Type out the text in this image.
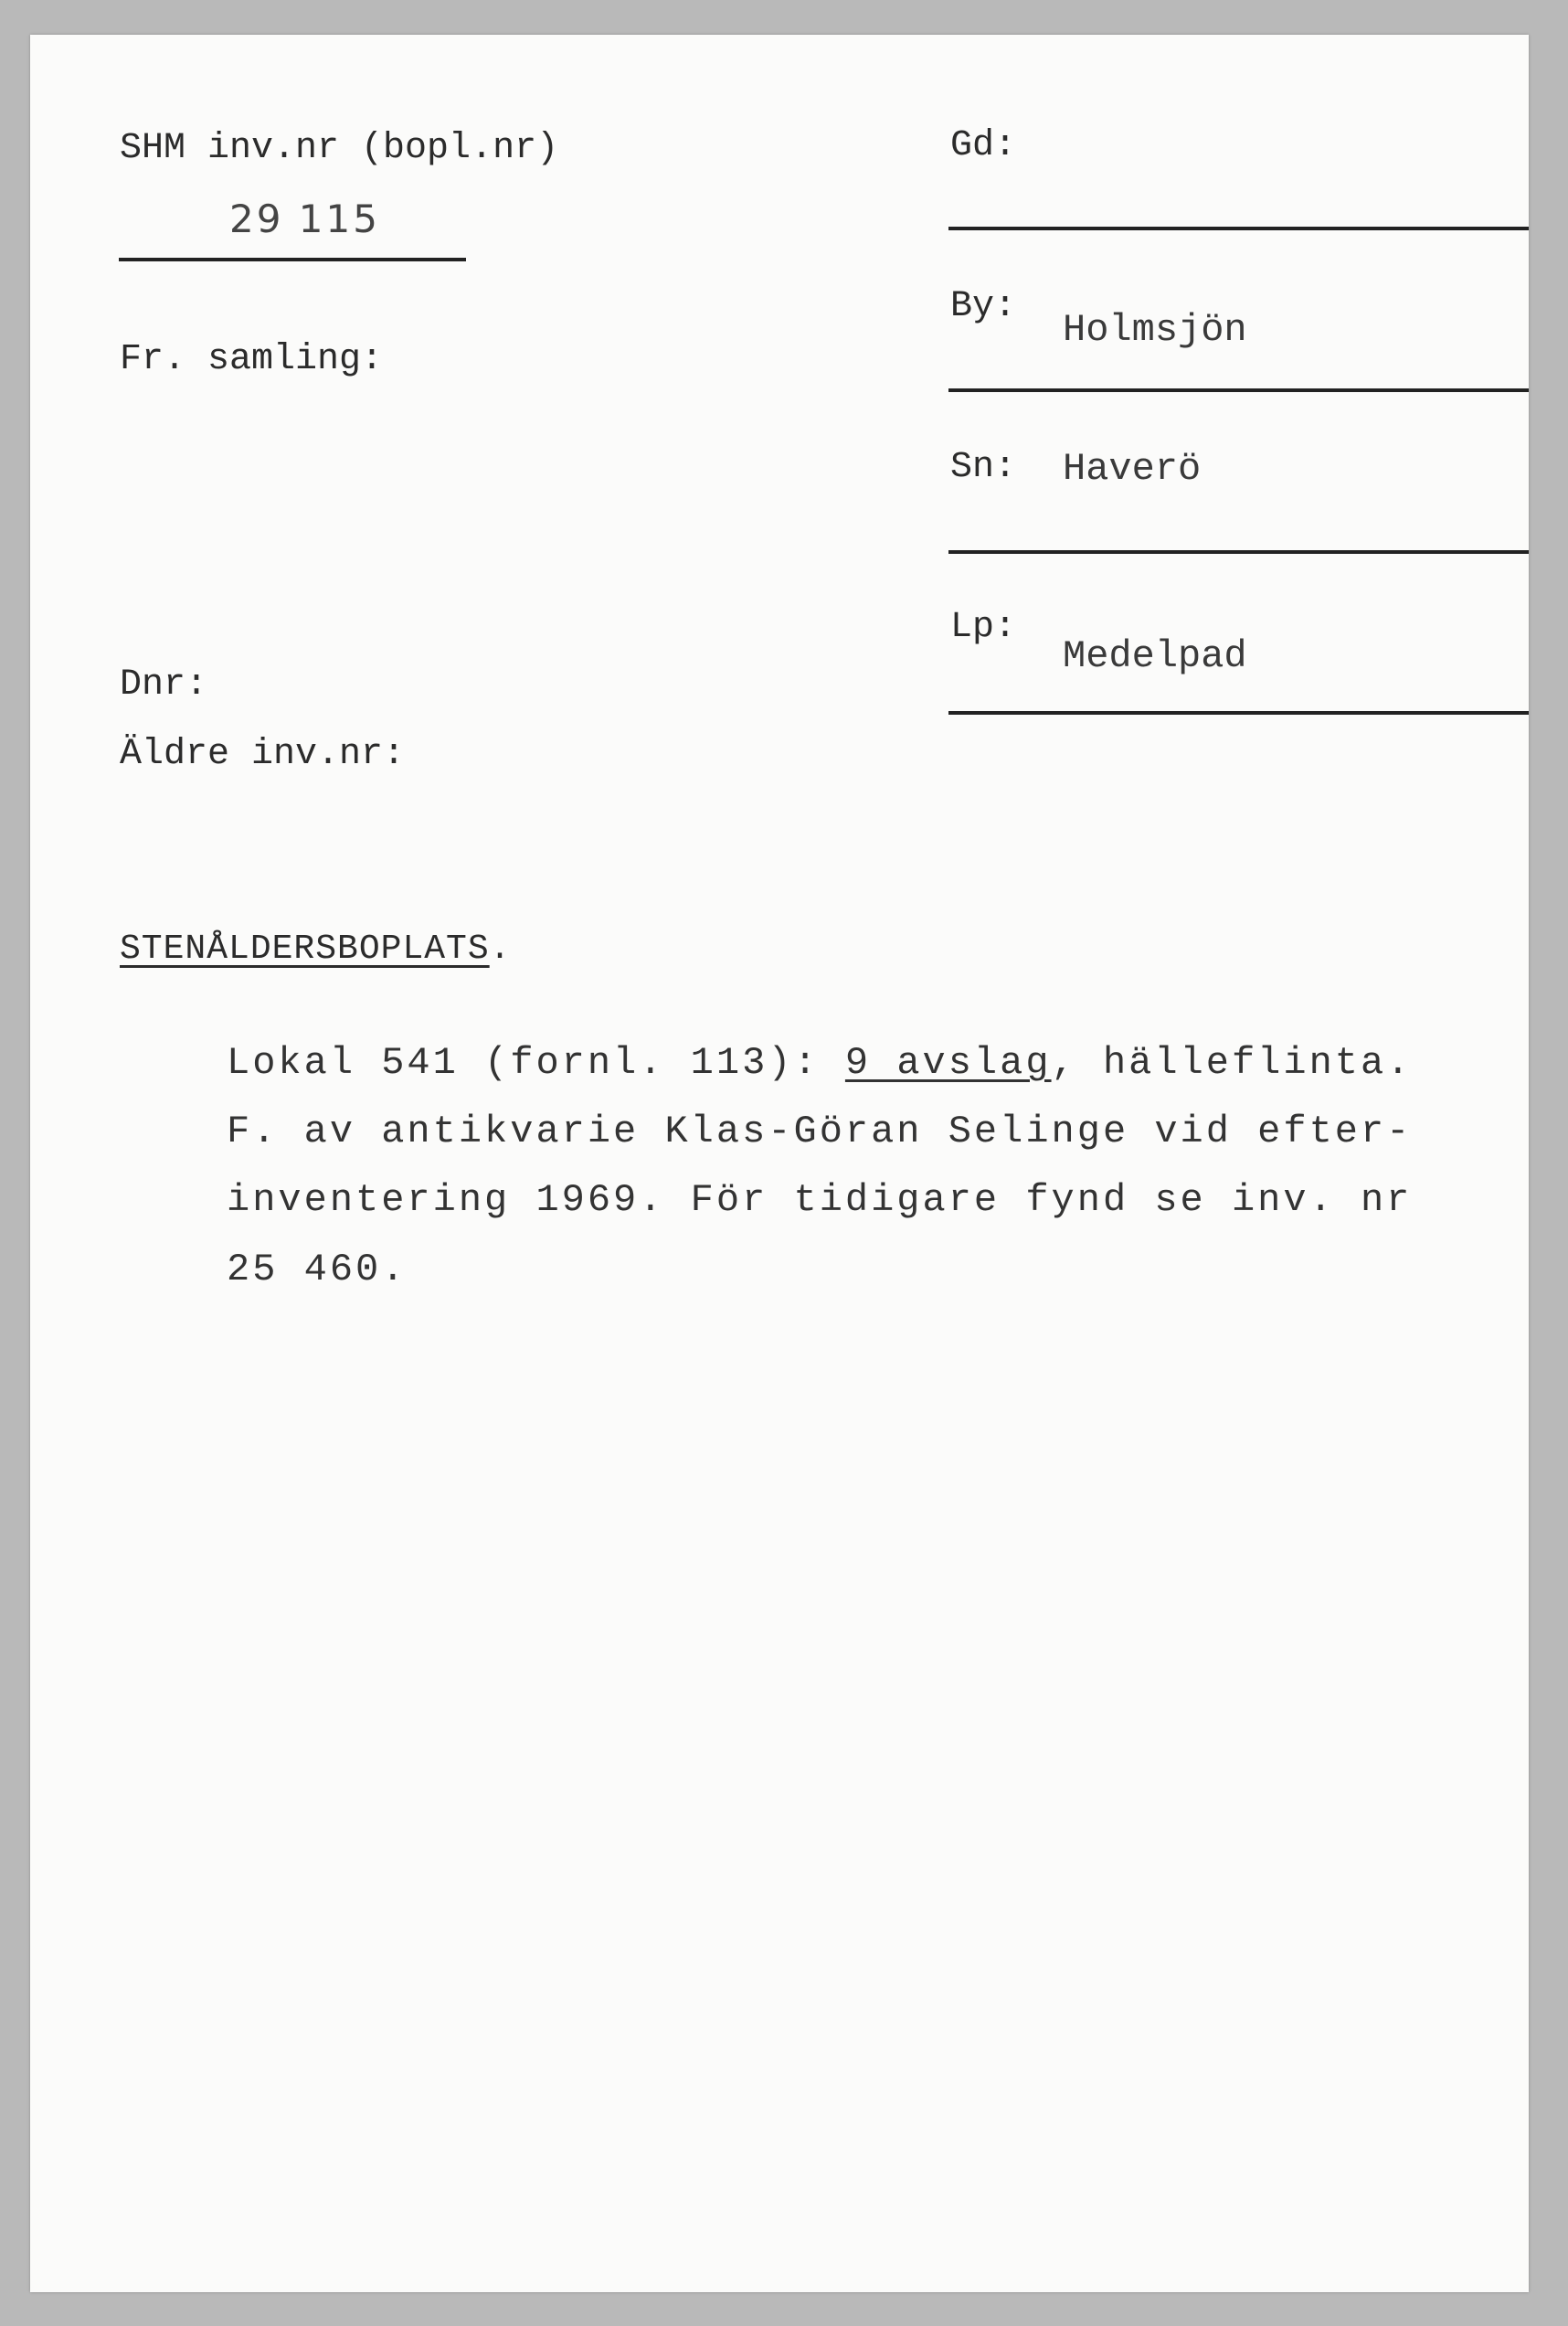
SHM inv.nr (bopl.nr)
29 115
Fr. samling:
Dnr:
Äldre inv.nr:
Gd:
By:
Holmsjön
Sn: Haverö
Lp:
Medelpad
STENÅLDERSBOPLATS.
Lokal 541 (fornl. 113): 9 avslag, hälleflinta.
F. av antikvarie Klas-Göran Selinge vid efter-
inventering 1969. För tidigare fynd se inv. nr
25 460.
